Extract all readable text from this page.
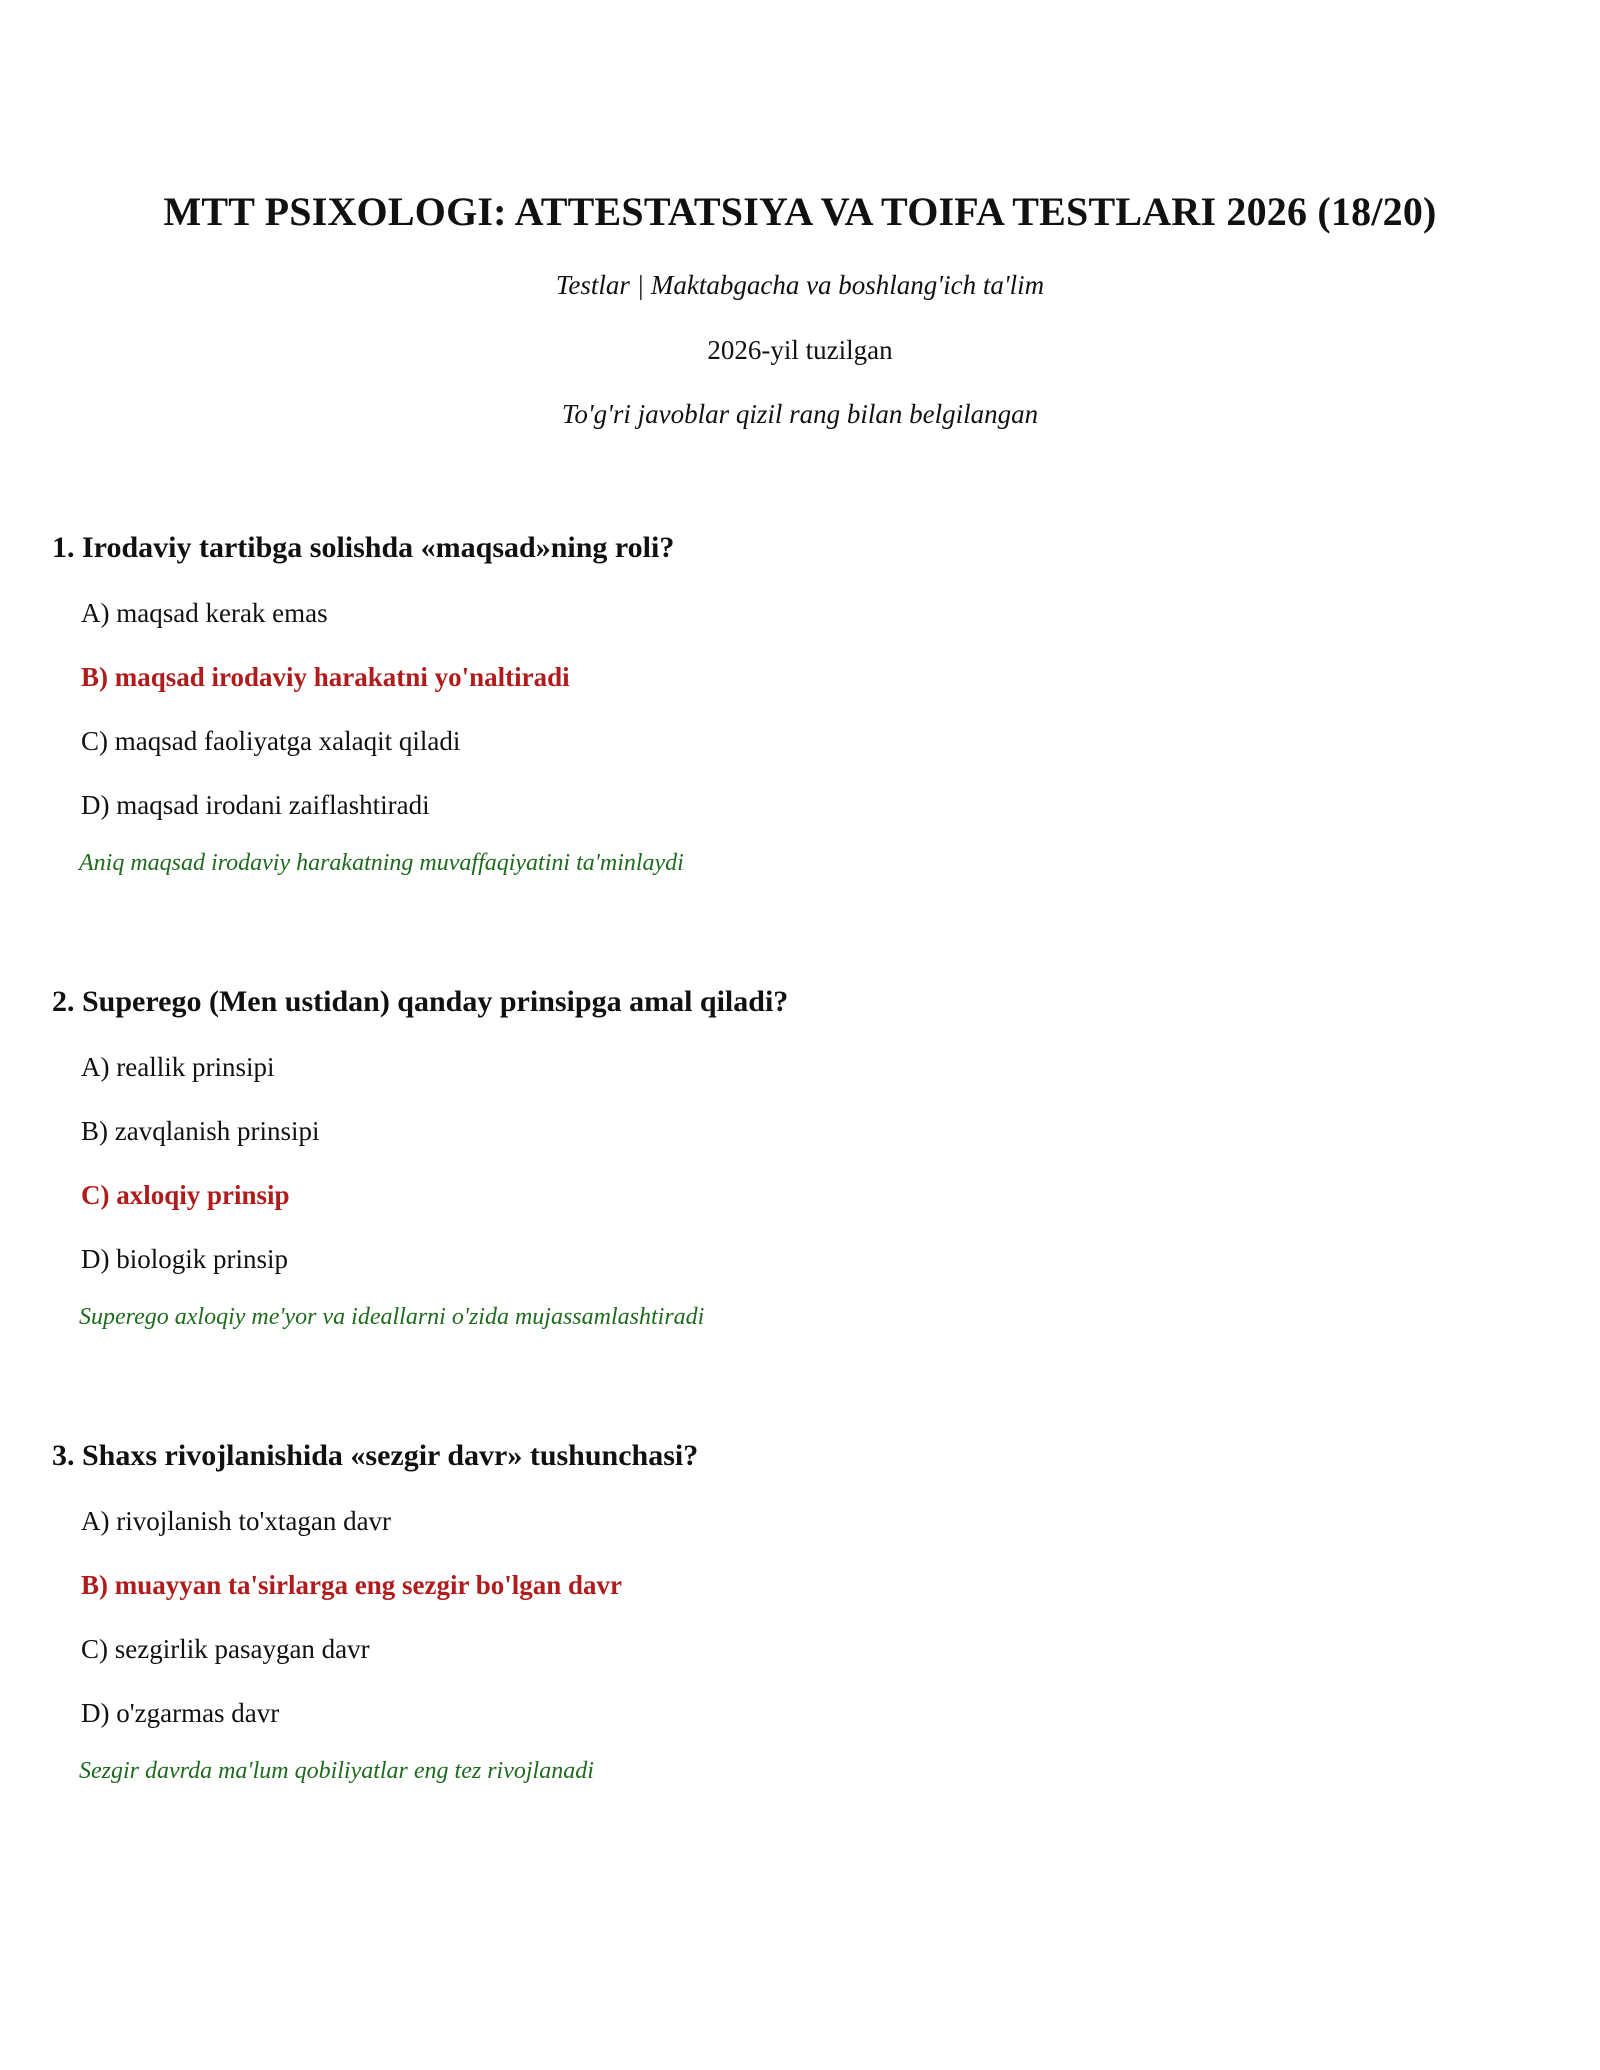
MTT PSIXOLOGI: ATTESTATSIYA VA TOIFA TESTLARI 2026 (18/20)
Testlar | Maktabgacha va boshlang'ich ta'lim
2026-yil tuzilgan
To'g'ri javoblar qizil rang bilan belgilangan
1. Irodaviy tartibga solishda «maqsad»ning roli?
A) maqsad kerak emas
B) maqsad irodaviy harakatni yo'naltiradi
C) maqsad faoliyatga xalaqit qiladi
D) maqsad irodani zaiflashtiradi
Aniq maqsad irodaviy harakatning muvaffaqiyatini ta'minlaydi
2. Superego (Men ustidan) qanday prinsipga amal qiladi?
A) reallik prinsipi
B) zavqlanish prinsipi
C) axloqiy prinsip
D) biologik prinsip
Superego axloqiy me'yor va ideallarni o'zida mujassamlashtiradi
3. Shaxs rivojlanishida «sezgir davr» tushunchasi?
A) rivojlanish to'xtagan davr
B) muayyan ta'sirlarga eng sezgir bo'lgan davr
C) sezgirlik pasaygan davr
D) o'zgarmas davr
Sezgir davrda ma'lum qobiliyatlar eng tez rivojlanadi
